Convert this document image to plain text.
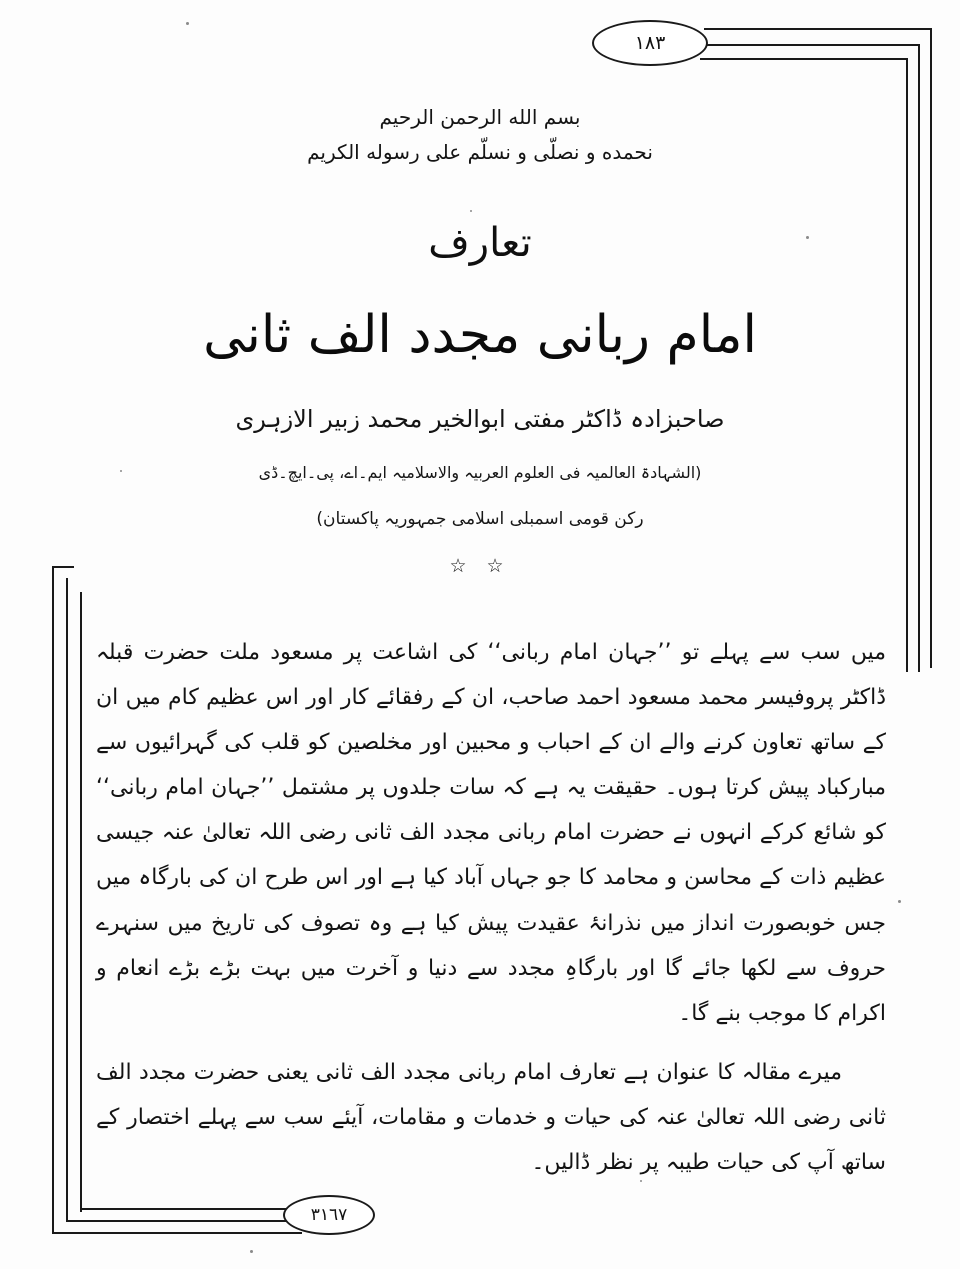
١٨٣
٣١٦٧
بسم الله الرحمن الرحيم
نحمده و نصلّى و نسلّم على رسوله الكريم
تعارف
امام ربانی مجدد الف ثانی
صاحبزادہ ڈاکٹر مفتی ابوالخیر محمد زبیر الازہری
(الشہادۃ العالمیہ فی العلوم العربیہ والاسلامیہ ایم۔اے، پی۔ایچ۔ڈی
رکن قومی اسمبلی اسلامی جمہوریہ پاکستان)
☆ ☆

میں سب سے پہلے تو ’’جہان امام ربانی‘‘ کی اشاعت پر مسعود ملت حضرت قبلہ ڈاکٹر پروفیسر محمد مسعود احمد صاحب، ان کے رفقائے کار اور اس عظیم کام میں ان کے ساتھ تعاون کرنے والے ان کے احباب و محبین اور مخلصین کو قلب کی گہرائیوں سے مبارکباد پیش کرتا ہوں۔ حقیقت یہ ہے کہ سات جلدوں پر مشتمل ’’جہان امام ربانی‘‘ کو شائع کرکے انہوں نے حضرت امام ربانی مجدد الف ثانی رضی اللہ تعالیٰ عنہ جیسی عظیم ذات کے محاسن و محامد کا جو جہاں آباد کیا ہے اور اس طرح ان کی بارگاہ میں جس خوبصورت انداز میں نذرانۂ عقیدت پیش کیا ہے وہ تصوف کی تاریخ میں سنہرے حروف سے لکھا جائے گا اور بارگاہِ مجدد سے دنیا و آخرت میں بہت بڑے بڑے انعام و اکرام کا موجب بنے گا۔

میرے مقالہ کا عنوان ہے تعارف امام ربانی مجدد الف ثانی یعنی حضرت مجدد الف ثانی رضی اللہ تعالیٰ عنہ کی حیات و خدمات و مقامات، آیئے سب سے پہلے اختصار کے ساتھ آپ کی حیات طیبہ پر نظر ڈالیں۔
